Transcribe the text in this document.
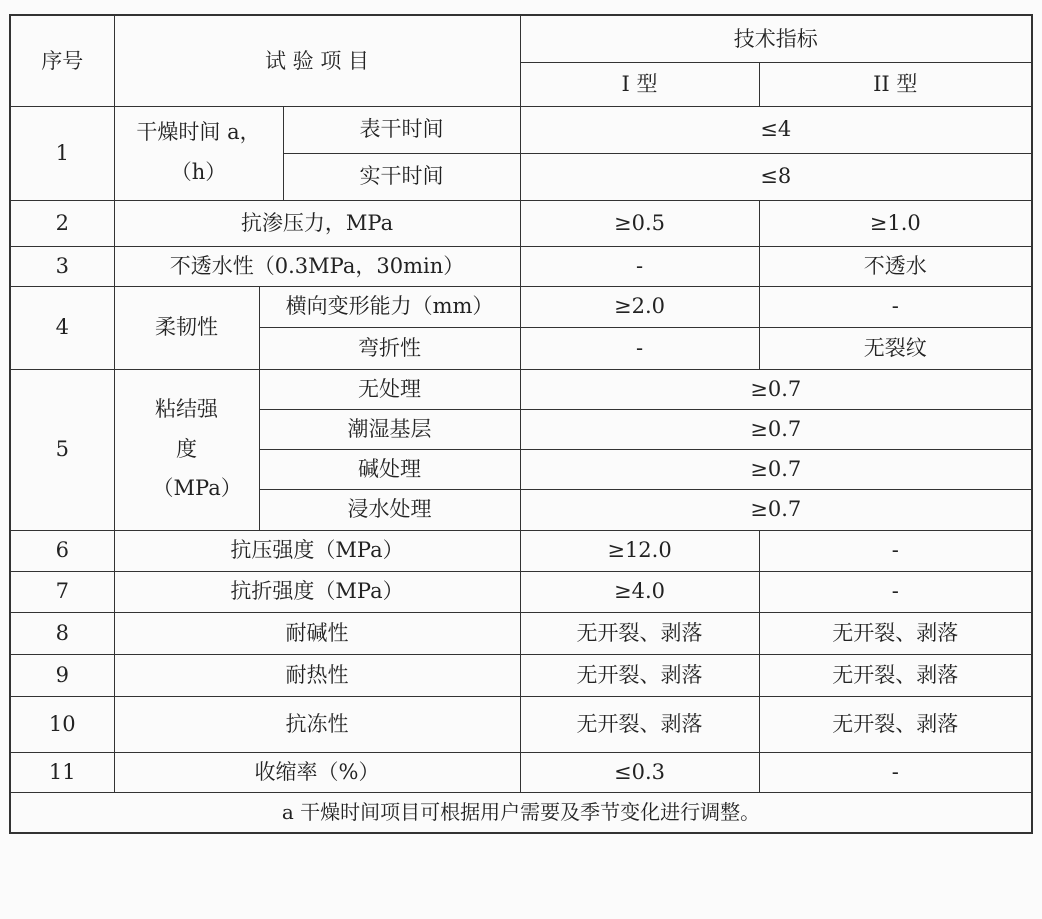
序号	试 验 项 目			技术指标	
				I 型	II 型
1	干燥时间 a，（h）		表干时间	≤4	
			实干时间	≤8	
2	抗渗压力，MPa			≥0.5	≥1.0
3	不透水性（0.3MPa，30min）			-	不透水
4	柔韧性	横向变形能力（mm）		≥2.0	-
		弯折性		-	无裂纹
5	粘结强度（MPa）	无处理		≥0.7	
		潮湿基层		≥0.7	
		碱处理		≥0.7	
		浸水处理		≥0.7	
6	抗压强度（MPa）			≥12.0	-
7	抗折强度（MPa）			≥4.0	-
8	耐碱性			无开裂、剥落	无开裂、剥落
9	耐热性			无开裂、剥落	无开裂、剥落
10	抗冻性			无开裂、剥落	无开裂、剥落
11	收缩率（%）			≤0.3	-
a 干燥时间项目可根据用户需要及季节变化进行调整。					
